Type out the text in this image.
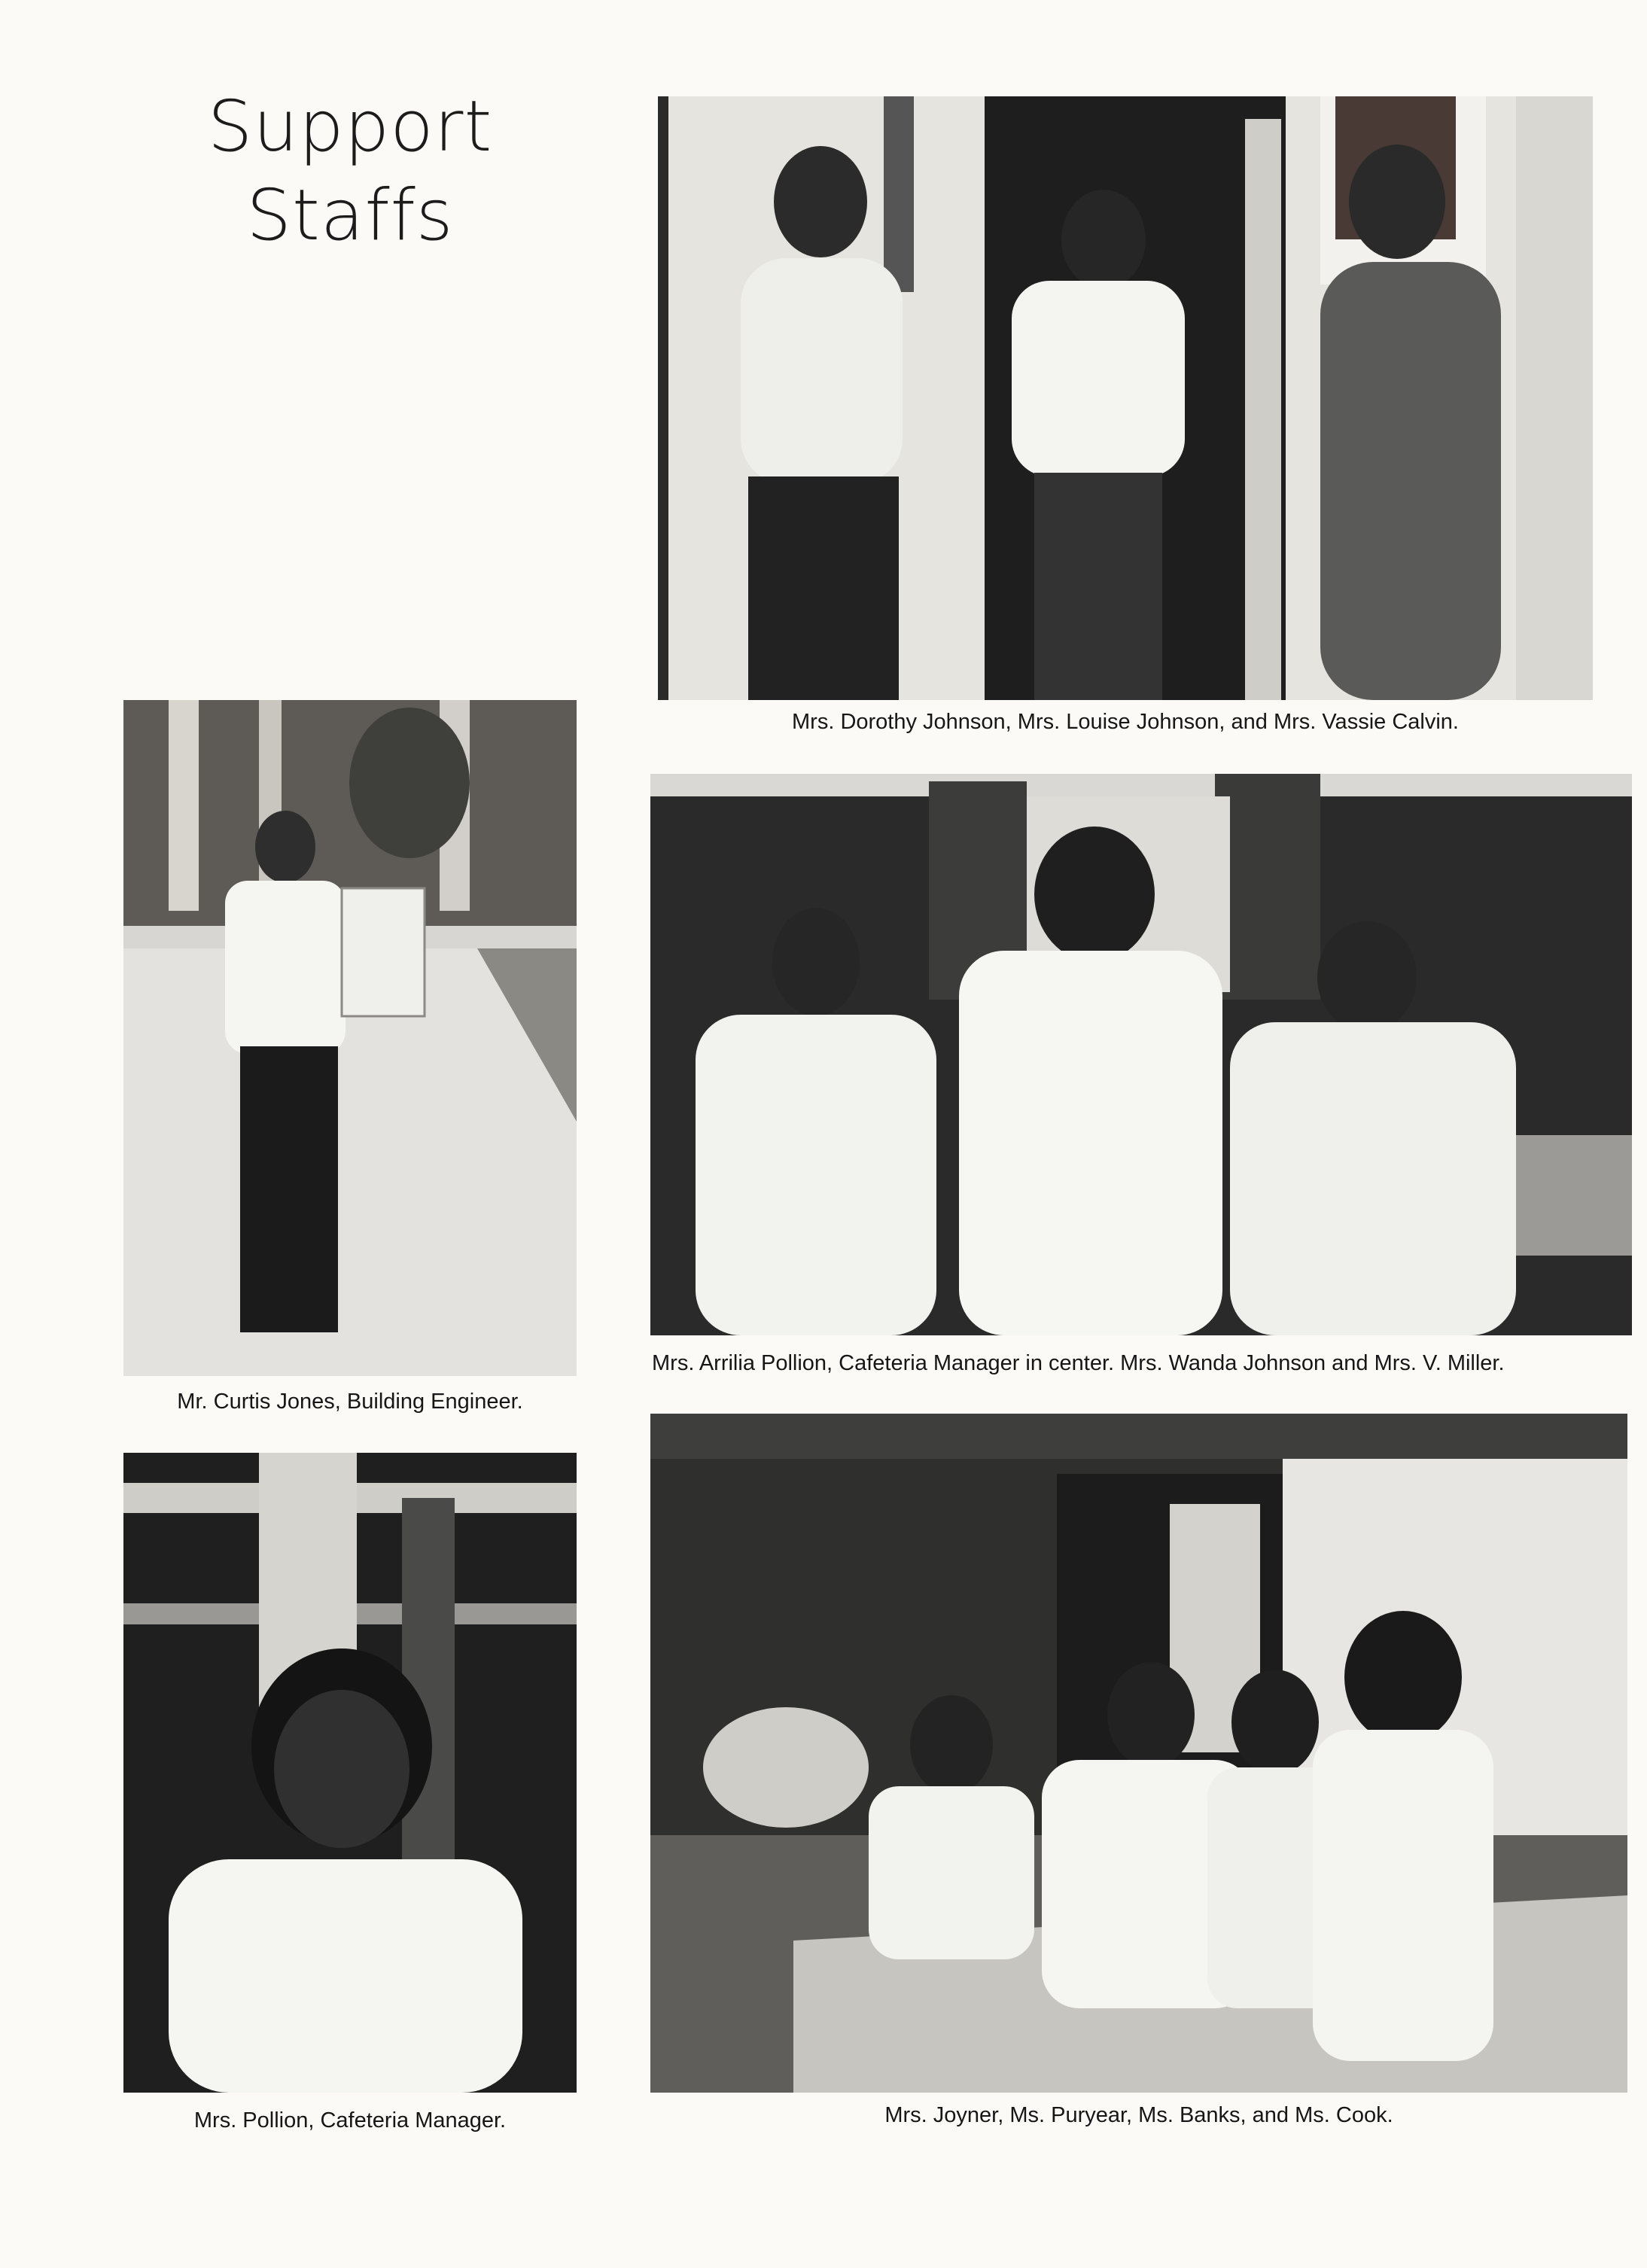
Support
Staffs
Mrs. Dorothy Johnson, Mrs. Louise Johnson, and Mrs. Vassie Calvin.
Mr. Curtis Jones, Building Engineer.
Mrs. Arrilia Pollion, Cafeteria Manager in center. Mrs. Wanda Johnson and Mrs. V. Miller.
Mrs. Pollion, Cafeteria Manager.	Mrs. Joyner, Ms. Puryear, Ms. Banks, and Ms. Cook.
